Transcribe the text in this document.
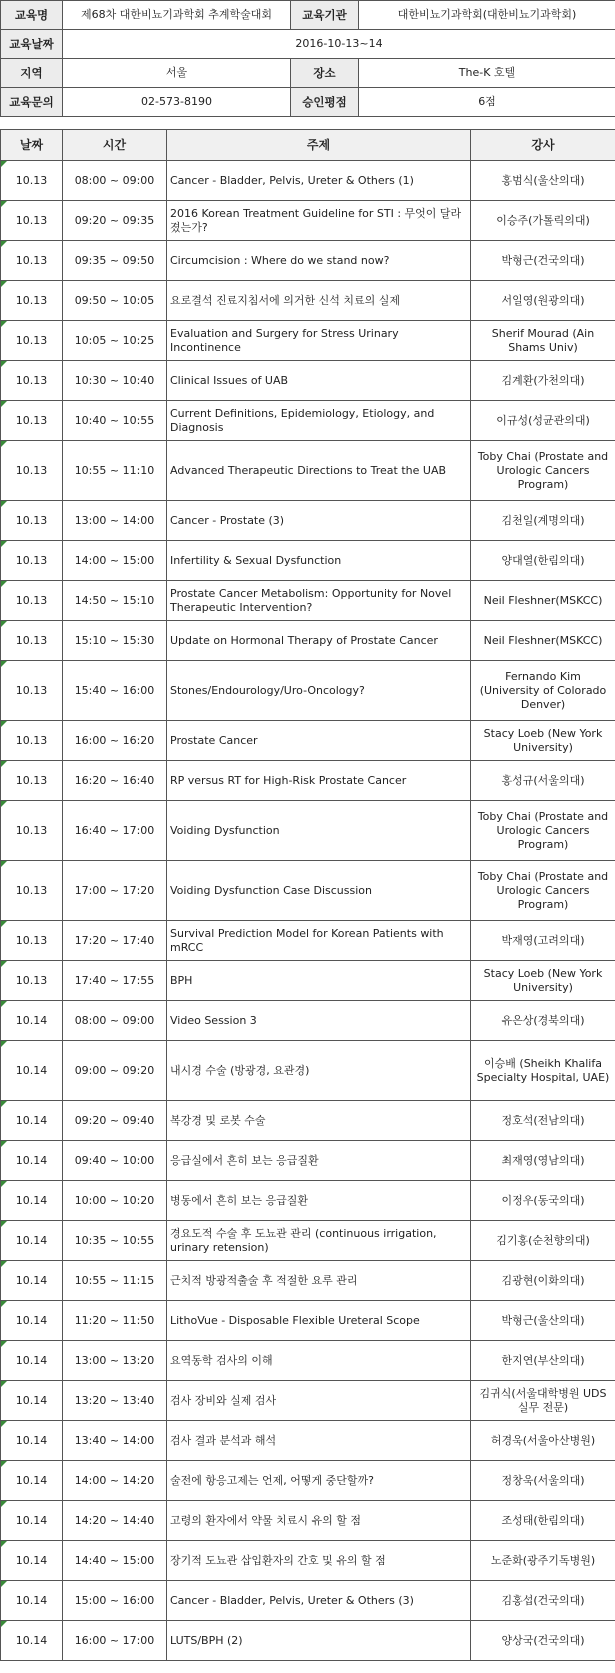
교육명	제68차 대한비뇨기과학회 추계학술대회	교육기관	대한비뇨기과학회(대한비뇨기과학회)
교육날짜	2016-10-13~14		
지역	서울	장소	The-K 호텔
교육문의	02-573-8190	승인평점	6점
날짜	시간	주제	강사
10.13	08:00 ~ 09:00	Cancer - Bladder, Pelvis, Ureter & Others (1)	홍범식(울산의대)
10.13	09:20 ~ 09:35	2016 Korean Treatment Guideline for STI : 무엇이 달라졌는가?	이승주(가톨릭의대)
10.13	09:35 ~ 09:50	Circumcision : Where do we stand now?	박형근(건국의대)
10.13	09:50 ~ 10:05	요로결석 진료지침서에 의거한 신석 치료의 실제	서일영(원광의대)
10.13	10:05 ~ 10:25	Evaluation and Surgery for Stress Urinary Incontinence	Sherif Mourad (Ain Shams Univ)
10.13	10:30 ~ 10:40	Clinical Issues of UAB	김계환(가천의대)
10.13	10:40 ~ 10:55	Current Definitions, Epidemiology, Etiology, and Diagnosis	이규성(성균관의대)
10.13	10:55 ~ 11:10	Advanced Therapeutic Directions to Treat the UAB	Toby Chai (Prostate and Urologic Cancers Program)
10.13	13:00 ~ 14:00	Cancer - Prostate (3)	김천일(계명의대)
10.13	14:00 ~ 15:00	Infertility & Sexual Dysfunction	양대열(한림의대)
10.13	14:50 ~ 15:10	Prostate Cancer Metabolism: Opportunity for Novel Therapeutic Intervention?	Neil Fleshner(MSKCC)
10.13	15:10 ~ 15:30	Update on Hormonal Therapy of Prostate Cancer	Neil Fleshner(MSKCC)
10.13	15:40 ~ 16:00	Stones/Endourology/Uro-Oncology?	Fernando Kim (University of Colorado Denver)
10.13	16:00 ~ 16:20	Prostate Cancer	Stacy Loeb (New York University)
10.13	16:20 ~ 16:40	RP versus RT for High-Risk Prostate Cancer	홍성규(서울의대)
10.13	16:40 ~ 17:00	Voiding Dysfunction	Toby Chai (Prostate and Urologic Cancers Program)
10.13	17:00 ~ 17:20	Voiding Dysfunction Case Discussion	Toby Chai (Prostate and Urologic Cancers Program)
10.13	17:20 ~ 17:40	Survival Prediction Model for Korean Patients with mRCC	박재영(고려의대)
10.13	17:40 ~ 17:55	BPH	Stacy Loeb (New York University)
10.14	08:00 ~ 09:00	Video Session 3	유은상(경북의대)
10.14	09:00 ~ 09:20	내시경 수술 (방광경, 요관경)	이승배 (Sheikh Khalifa Specialty Hospital, UAE)
10.14	09:20 ~ 09:40	복강경 및 로봇 수술	정호석(전남의대)
10.14	09:40 ~ 10:00	응급실에서 흔히 보는 응급질환	최재영(영남의대)
10.14	10:00 ~ 10:20	병동에서 흔히 보는 응급질환	이정우(동국의대)
10.14	10:35 ~ 10:55	경요도적 수술 후 도뇨관 관리 (continuous irrigation, urinary retension)	김기홍(순천향의대)
10.14	10:55 ~ 11:15	근치적 방광적출술 후 적절한 요루 관리	김광현(이화의대)
10.14	11:20 ~ 11:50	LithoVue - Disposable Flexible Ureteral Scope	박형근(울산의대)
10.14	13:00 ~ 13:20	요역동학 검사의 이해	한지연(부산의대)
10.14	13:20 ~ 13:40	검사 장비와 실제 검사	김귀식(서울대학병원 UDS 실무 전문)
10.14	13:40 ~ 14:00	검사 결과 분석과 해석	허경욱(서울아산병원)
10.14	14:00 ~ 14:20	술전에 항응고제는 언제, 어떻게 중단할까?	정창욱(서울의대)
10.14	14:20 ~ 14:40	고령의 환자에서 약물 치료시 유의 할 점	조성태(한림의대)
10.14	14:40 ~ 15:00	장기적 도뇨관 삽입환자의 간호 및 유의 할 점	노준화(광주기독병원)
10.14	15:00 ~ 16:00	Cancer - Bladder, Pelvis, Ureter & Others (3)	김홍섭(건국의대)
10.14	16:00 ~ 17:00	LUTS/BPH (2)	양상국(건국의대)
